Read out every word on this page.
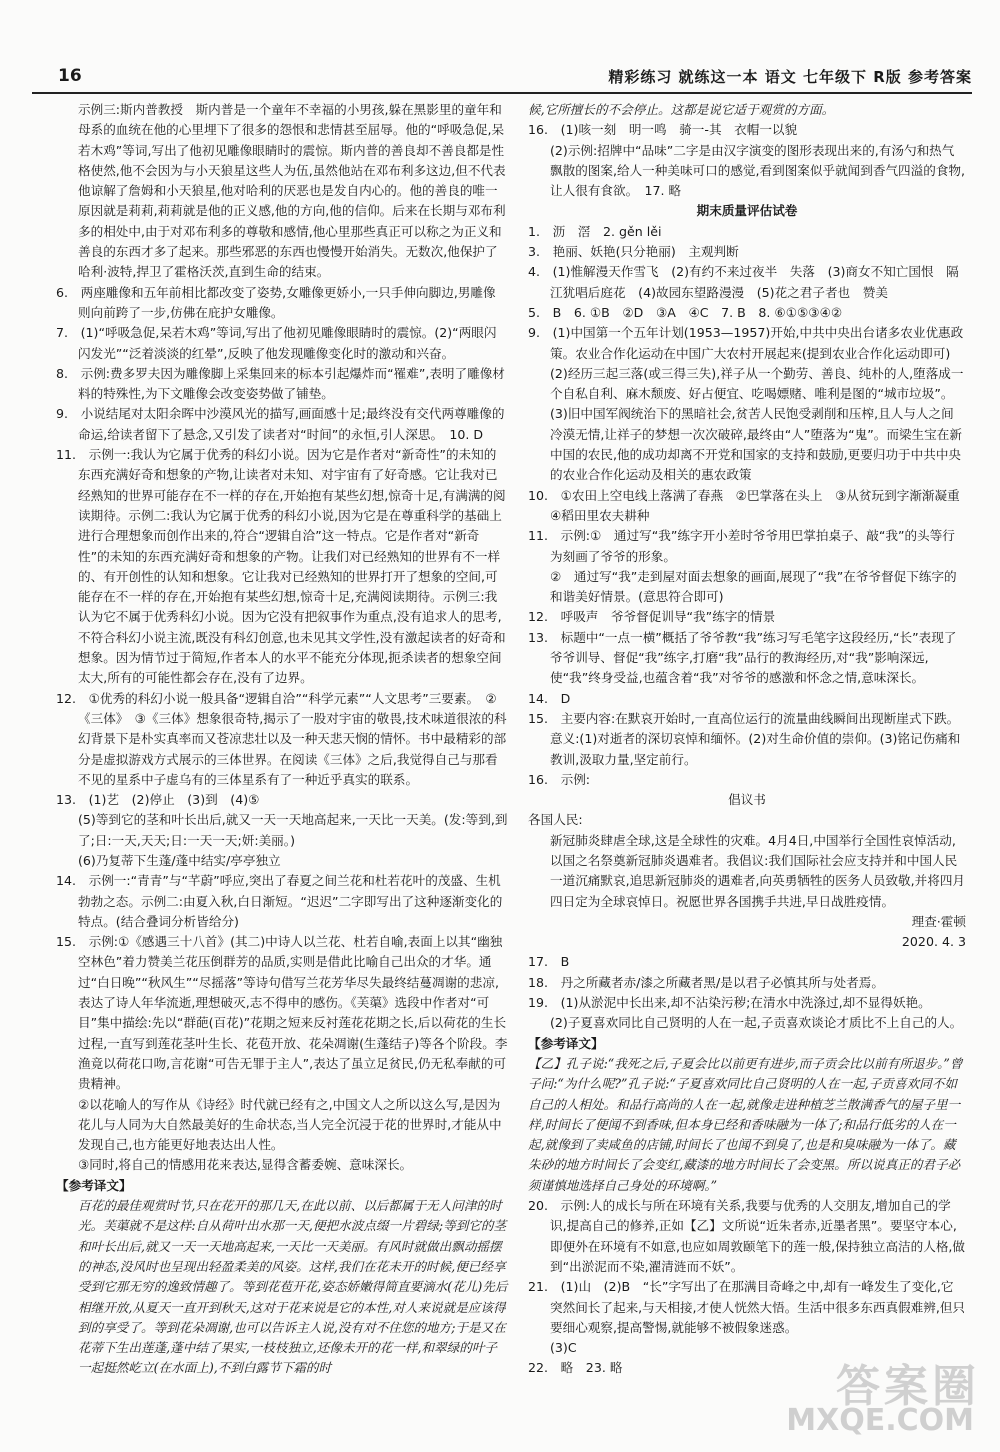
16	精彩练习 就练这一本 语文 七年级下 R版 参考答案

示例三:斯内普教授　斯内普是一个童年不幸福的小男孩,躲在黑影里的童年和母系的血统在他的心里埋下了很多的怨恨和悲情甚至屈辱。他的“呼吸急促,呆若木鸡”等词,写出了他初见雕像眼睛时的震惊。斯内普的善良却不善良都是性格使然,他不会因为与小天狼星这些人为伍,虽然他站在邓布利多这边,但不代表他谅解了詹姆和小天狼星,他对哈利的厌恶也是发自内心的。他的善良的唯一原因就是莉莉,莉莉就是他的正义感,他的方向,他的信仰。后来在长期与邓布利多的相处中,由于对邓布利多的尊敬和感情,他心里那些真正可以称之为正义和善良的东西才多了起来。那些邪恶的东西也慢慢开始消失。无数次,他保护了哈利·波特,捍卫了霍格沃茨,直到生命的结束。

6.　两座雕像和五年前相比都改变了姿势,女雕像更娇小,一只手伸向脚边,男雕像则向前跨了一步,仿佛在庇护女雕像。

7.　(1)“呼吸急促,呆若木鸡”等词,写出了他初见雕像眼睛时的震惊。(2)“两眼闪闪发光”“泛着淡淡的红晕”,反映了他发现雕像变化时的激动和兴奋。

8.　示例:费多罗夫因为雕像脚上采集回来的标本引起爆炸而“罹难”,表明了雕像材料的特殊性,为下文雕像会改变姿势做了铺垫。

9.　小说结尾对太阳余晖中沙漠风光的描写,画面感十足;最终没有交代两尊雕像的命运,给读者留下了悬念,又引发了读者对“时间”的永恒,引人深思。　10. D

11.　示例一:我认为它属于优秀的科幻小说。因为它是作者对“新奇性”的未知的东西充满好奇和想象的产物,让读者对未知、对宇宙有了好奇感。它让我对已经熟知的世界可能存在不一样的存在,开始抱有某些幻想,惊奇十足,有满满的阅读期待。示例二:我认为它属于优秀的科幻小说,因为它是在尊重科学的基础上进行合理想象而创作出来的,符合“逻辑自洽”这一特点。它是作者对“新奇性”的未知的东西充满好奇和想象的产物。让我们对已经熟知的世界有不一样的、有开创性的认知和想象。它让我对已经熟知的世界打开了想象的空间,可能存在不一样的存在,开始抱有某些幻想,惊奇十足,充满阅读期待。示例三:我认为它不属于优秀科幻小说。因为它没有把叙事作为重点,没有追求人的思考,不符合科幻小说主流,既没有科幻创意,也未见其文学性,没有激起读者的好奇和想象。因为情节过于简短,作者本人的水平不能充分体现,扼杀读者的想象空间太大,所有的可能性都会存在,没有了边界。

12.　①优秀的科幻小说一般具备“逻辑自洽”“科学元素”“人文思考”三要素。　②《三体》　③《三体》想象很奇特,揭示了一股对宇宙的敬畏,技术味道很浓的科幻背景下是朴实真率而又苍凉悲壮以及一种天悲天悯的情怀。书中最精彩的部分是虚拟游戏方式展示的三体世界。在阅读《三体》之后,我觉得自己与那看不见的星系中子虚乌有的三体星系有了一种近乎真实的联系。

13.　(1)艺　(2)停止　(3)到　(4)⑤

(5)等到它的茎和叶长出后,就又一天一天地高起来,一天比一天美。(发:等到,到了;日:一天,天天;日:一天一天;妍:美丽。)

(6)乃复蒂下生蓬/蓬中结实/亭亭独立

14.　示例一:“青青”与“芊蔚”呼应,突出了春夏之间兰花和杜若花叶的茂盛、生机勃勃之态。示例二:由夏入秋,白日渐短。“迟迟”二字即写出了这种逐渐变化的特点。(结合叠词分析皆给分)

15.　示例:①《感遇三十八首》(其二)中诗人以兰花、杜若自喻,表面上以其“幽独空林色”着力赞美兰花压倒群芳的品质,实则是借此比喻自己出众的才华。通过“白日晚”“秋风生”“尽摇落”等诗句借写兰花芳华尽失最终结蔓凋谢的悲凉,表达了诗人年华流逝,理想破灭,志不得申的感伤。《芙蕖》选段中作者对“可目”集中描绘:先以“群葩(百花)”花期之短来反衬莲花花期之长,后以荷花的生长过程,一直写到莲花茎叶生长、花苞开放、花朵凋谢(生蓬结子)等各个阶段。李渔竟以荷花口吻,言花谢“可告无罪于主人”,表达了虽立足贫民,仍无私奉献的可贵精神。

②以花喻人的写作从《诗经》时代就已经有之,中国文人之所以这么写,是因为花儿与人同为大自然最美好的生命状态,当人完全沉浸于花的世界时,才能从中发现自己,也方能更好地表达出人性。

③同时,将自己的情感用花来表达,显得含蓄委婉、意味深长。

【参考译文】

百花的最佳观赏时节,只在花开的那几天,在此以前、以后都属于无人问津的时光。芙蕖就不是这样:自从荷叶出水那一天,便把水波点缀一片碧绿;等到它的茎和叶长出后,就又一天一天地高起来,一天比一天美丽。有风时就做出飘动摇摆的神态,没风时也呈现出轻盈柔美的风姿。这样,我们在花未开的时候,便已经享受到它那无穷的逸致情趣了。等到花苞开花,姿态娇嫩得简直要滴水(花儿)先后相继开放,从夏天一直开到秋天,这对于花来说是它的本性,对人来说就是应该得到的享受了。等到花朵凋谢,也可以告诉主人说,没有对不住您的地方;于是又在花蒂下生出莲蓬,蓬中结了果实,一枝枝独立,还像未开的花一样,和翠绿的叶子一起挺然屹立(在水面上),不到白露节下霜的时

候,它所擅长的不会停止。这都是说它适于观赏的方面。

16.　(1)咳一刻　明一鸣　骑一-其　衣帽一以貌

(2)示例:招牌中“品味”二字是由汉字演变的图形表现出来的,有汤勺和热气飘散的图案,给人一种美味可口的感觉,看到图案似乎就闻到香气四溢的食物,让人很有食欲。　17. 略

期末质量评估试卷

1.　沥　滘　2. gěn lěi

3.　艳丽、妖艳(只分艳丽)　主观判断

4.　(1)惟解漫天作雪飞　(2)有约不来过夜半　失落　(3)商女不知亡国恨　隔江犹唱后庭花　(4)故园东望路漫漫　(5)花之君子者也　赞美

5.　B　6. ①B　②D　③A　④C　7. B　8. ⑥①⑤③④②

9.　(1)中国第一个五年计划(1953—1957)开始,中共中央出台诸多农业优惠政策。农业合作化运动在中国广大农村开展起来(提到农业合作化运动即可)

(2)经历三起三落(或三得三失),祥子从一个勤劳、善良、纯朴的人,堕落成一个自私自利、麻木颓废、好占便宜、吃喝嫖赌、唯利是图的“城市垃圾”。

(3)旧中国军阀统治下的黑暗社会,贫苦人民饱受剥削和压榨,且人与人之间冷漠无情,让祥子的梦想一次次破碎,最终由“人”堕落为“鬼”。而梁生宝在新中国的农民,他的成功却离不开党和国家的支持和鼓励,更要归功于中共中央的农业合作化运动及相关的惠农政策

10.　①农田上空电线上落满了春燕　②巴掌落在头上　③从贫玩到字渐渐凝重　④稻田里农夫耕种

11.　示例:①　通过写“我”练字开小差时爷爷用巴掌拍桌子、敲“我”的头等行为刻画了爷爷的形象。

②　通过写“我”走到屋对面去想象的画面,展现了“我”在爷爷督促下练字的和谐美好情景。(意思符合即可)

12.　呼吸声　爷爷督促训导“我”练字的情景

13.　标题中“一点一横”概括了爷爷教“我”练习写毛笔字这段经历,“长”表现了爷爷训导、督促“我”练字,打磨“我”品行的教海经历,对“我”影响深远,使“我”终身受益,也蕴含着“我”对爷爷的感激和怀念之情,意味深长。

14.　D

15.　主要内容:在默哀开始时,一直高位运行的流量曲线瞬间出现断崖式下跌。意义:(1)对逝者的深切哀悼和缅怀。(2)对生命价值的崇仰。(3)铭记伤痛和教训,汲取力量,坚定前行。

16.　示例:

倡议书

各国人民:

新冠肺炎肆虐全球,这是全球性的灾难。4月4日,中国举行全国性哀悼活动,以国之名祭奠新冠肺炎遇难者。我倡议:我们国际社会应支持并和中国人民一道沉痛默哀,追思新冠肺炎的遇难者,向英勇牺牲的医务人员致敬,并将四月四日定为全球哀悼日。祝愿世界各国携手共进,早日战胜疫情。

理查·霍顿

2020. 4. 3

17.　B

18.　丹之所藏者赤/漆之所藏者黑/是以君子必慎其所与处者焉。

19.　(1)从淤泥中长出来,却不沾染污秽;在清水中洗涤过,却不显得妖艳。

(2)子夏喜欢同比自己贤明的人在一起,子贡喜欢谈论才质比不上自己的人。

【参考译文】

【乙】孔子说:“我死之后,子夏会比以前更有进步,而子贡会比以前有所退步。”曾子问:“为什么呢?”孔子说:“子夏喜欢同比自己贤明的人在一起,子贡喜欢同不如自己的人相处。和品行高尚的人在一起,就像走进种植芝兰散满香气的屋子里一样,时间长了便闻不到香味,但本身已经和香味融为一体了;和品行低劣的人在一起,就像到了卖咸鱼的店铺,时间长了也闻不到臭了,也是和臭味融为一体了。藏朱砂的地方时间长了会变红,藏漆的地方时间长了会变黑。所以说真正的君子必须谨慎地选择自己身处的环境啊。”

20.　示例:人的成长与所在环境有关系,我要与优秀的人交朋友,增加自己的学识,提高自己的修养,正如【乙】文所说“近朱者赤,近墨者黑”。要坚守本心,即便外在环境有不如意,也应如周敦颐笔下的莲一般,保持独立高洁的人格,做到“出淤泥而不染,濯清涟而不妖”。

21.　(1)山　(2)B　“长”字写出了在那满目奇峰之中,却有一峰发生了变化,它突然间长了起来,与天相接,才使人恍然大悟。生活中很多东西真假难辨,但只要细心观察,提高警惕,就能够不被假象迷惑。

(3)C

22.　略　23. 略	答案圈
MXQE.COM
